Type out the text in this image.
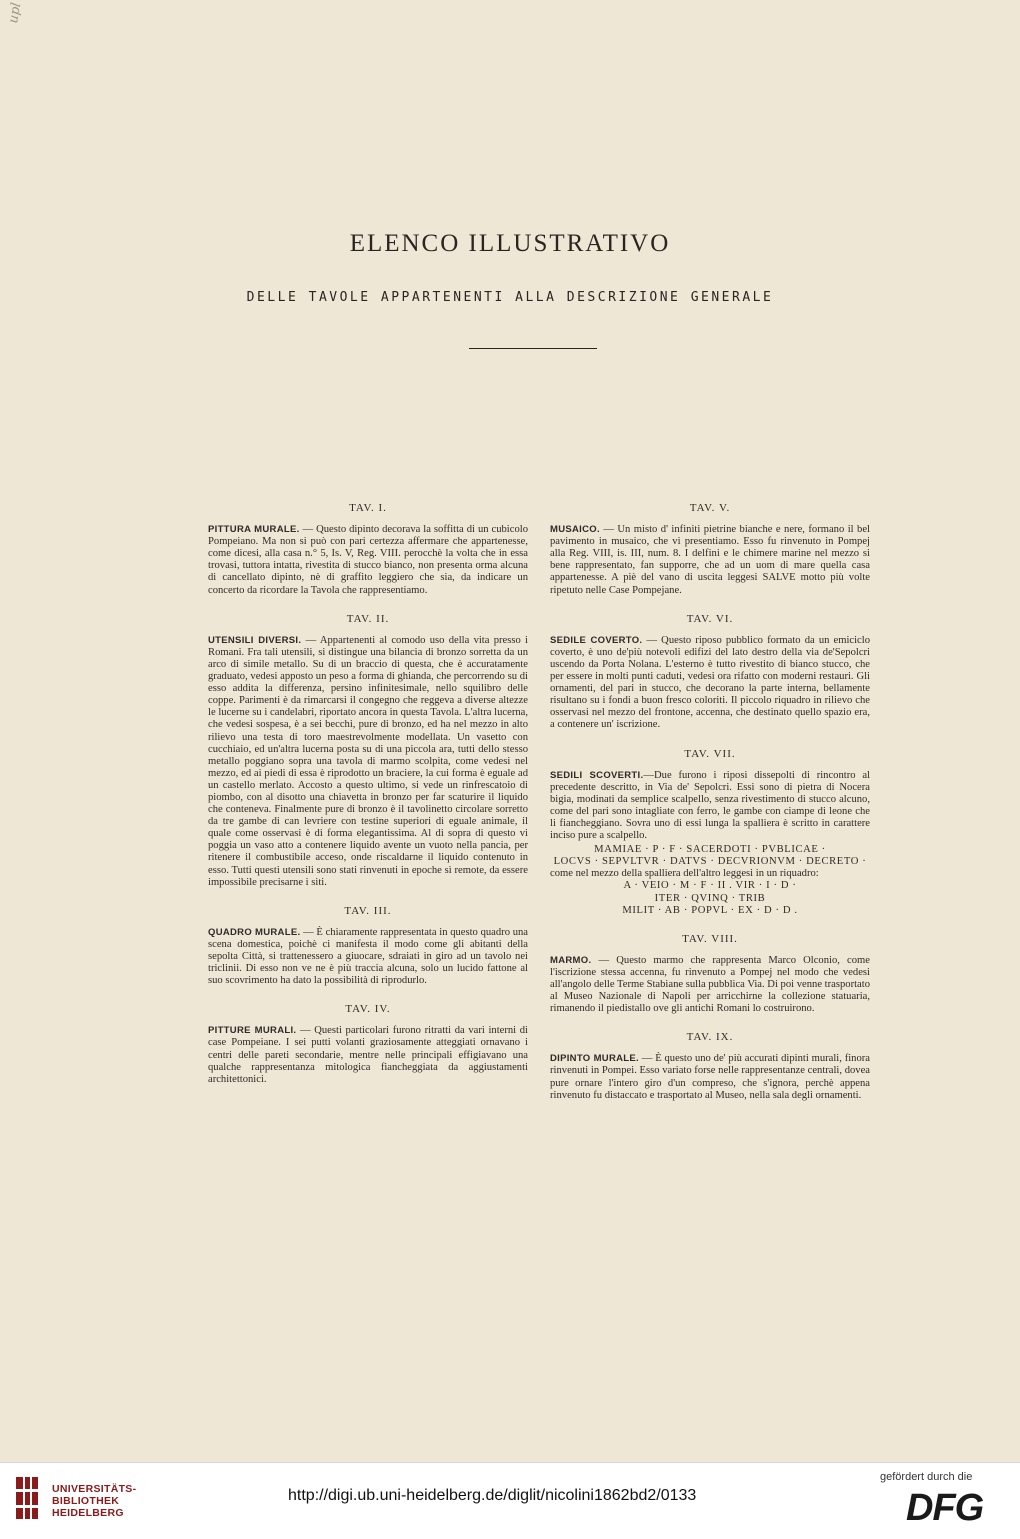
upl
ELENCO ILLUSTRATIVO
DELLE TAVOLE APPARTENENTI ALLA DESCRIZIONE GENERALE
TAV. I.

PITTURA MURALE. — Questo dipinto decorava la soffitta di un cubicolo Pompeiano. Ma non si può con pari certezza affermare che appartenesse, come dicesi, alla casa n.° 5, Is. V, Reg. VIII. perocchè la volta che in essa trovasi, tuttora intatta, rivestita di stucco bianco, non presenta orma alcuna di cancellato dipinto, nè di graffito leggiero che sia, da indicare un concerto da ricordare la Tavola che rappresentiamo.

TAV. II.

UTENSILI DIVERSI. — Appartenenti al comodo uso della vita presso i Romani. Fra tali utensili, si distingue una bilancia di bronzo sorretta da un arco di simile metallo. Su di un braccio di questa, che è accuratamente graduato, vedesi apposto un peso a forma di ghianda, che percorrendo su di esso addita la differenza, persino infinitesimale, nello squilibro delle coppe. Parimenti è da rimarcarsi il congegno che reggeva a diverse altezze le lucerne su i candelabri, riportato ancora in questa Tavola. L'altra lucerna, che vedesi sospesa, è a sei becchi, pure di bronzo, ed ha nel mezzo in alto rilievo una testa di toro maestrevolmente modellata. Un vasetto con cucchiaio, ed un'altra lucerna posta su di una piccola ara, tutti dello stesso metallo poggiano sopra una tavola di marmo scolpita, come vedesi nel mezzo, ed ai piedi di essa è riprodotto un braciere, la cui forma è eguale ad un castello merlato. Accosto a questo ultimo, si vede un rinfrescatoio di piombo, con al disotto una chiavetta in bronzo per far scaturire il liquido che conteneva. Finalmente pure di bronzo è il tavolinetto circolare sorretto da tre gambe di can levriere con testine superiori di eguale animale, il quale come osservasi è di forma elegantissima. Al di sopra di questo vi poggia un vaso atto a contenere liquido avente un vuoto nella pancia, per ritenere il combustibile acceso, onde riscaldarne il liquido contenuto in esso. Tutti questi utensili sono stati rinvenuti in epoche sì remote, da essere impossibile precisarne i siti.

TAV. III.

QUADRO MURALE. — È chiaramente rappresentata in questo quadro una scena domestica, poichè ci manifesta il modo come gli abitanti della sepolta Città, si trattenessero a giuocare, sdraiati in giro ad un tavolo nei triclinii. Di esso non ve ne è più traccia alcuna, solo un lucido fattone al suo scovrimento ha dato la possibilità di riprodurlo.

TAV. IV.

PITTURE MURALI. — Questi particolari furono ritratti da vari interni di case Pompeiane. I sei putti volanti graziosamente atteggiati ornavano i centri delle pareti secondarie, mentre nelle principali effigiavano una qualche rappresentanza mitologica fiancheggiata da aggiustamenti architettonici.

TAV. V.

MUSAICO. — Un misto d' infiniti pietrine bianche e nere, formano il bel pavimento in musaico, che vi presentiamo. Esso fu rinvenuto in Pompej alla Reg. VIII, is. III, num. 8. I delfini e le chimere marine nel mezzo si bene rappresentato, fan supporre, che ad un uom di mare quella casa appartenesse. A piè del vano di uscita leggesi SALVE motto più volte ripetuto nelle Case Pompejane.

TAV. VI.

SEDILE COVERTO. — Questo riposo pubblico formato da un emiciclo coverto, è uno de'più notevoli edifizi del lato destro della via de'Sepolcri uscendo da Porta Nolana. L'esterno è tutto rivestito di bianco stucco, che per essere in molti punti caduti, vedesi ora rifatto con moderni restauri. Gli ornamenti, del pari in stucco, che decorano la parte interna, bellamente risultano su i fondi a buon fresco coloriti. Il piccolo riquadro in rilievo che osservasi nel mezzo del frontone, accenna, che destinato quello spazio era, a contenere un' iscrizione.

TAV. VII.

SEDILI SCOVERTI.—Due furono i riposi dissepolti di rincontro al precedente descritto, in Via de' Sepolcri. Essi sono di pietra di Nocera bigia, modinati da semplice scalpello, senza rivestimento di stucco alcuno, come del pari sono intagliate con ferro, le gambe con ciampe di leone che li fiancheggiano. Sovra uno di essi lunga la spalliera è scritto in carattere inciso pure a scalpello.

MAMIAE · P · F · SACERDOTI · PVBLICAE ·

LOCVS · SEPVLTVR · DATVS · DECVRIONVM · DECRETO ·

come nel mezzo della spalliera dell'altro leggesi in un riquadro:

A · VEIO · M · F · II . VIR · I · D ·

ITER · QVINQ · TRIB

MILIT · AB · POPVL · EX · D · D .

TAV. VIII.

MARMO. — Questo marmo che rappresenta Marco Olconio, come l'iscrizione stessa accenna, fu rinvenuto a Pompej nel modo che vedesi all'angolo delle Terme Stabiane sulla pubblica Via. Di poi venne trasportato al Museo Nazionale di Napoli per arricchirne la collezione statuaria, rimanendo il piedistallo ove gli antichi Romani lo costruirono.

TAV. IX.

DIPINTO MURALE. — È questo uno de' più accurati dipinti murali, finora rinvenuti in Pompei. Esso variato forse nelle rappresentanze centrali, dovea pure ornare l'intero giro d'un compreso, che s'ignora, perchè appena rinvenuto fu distaccato e trasportato al Museo, nella sala degli ornamenti.

UNIVERSITÄTS-
BIBLIOTHEK
HEIDELBERG
http://digi.ub.uni-heidelberg.de/diglit/nicolini1862bd2/0133
gefördert durch die
DFG
